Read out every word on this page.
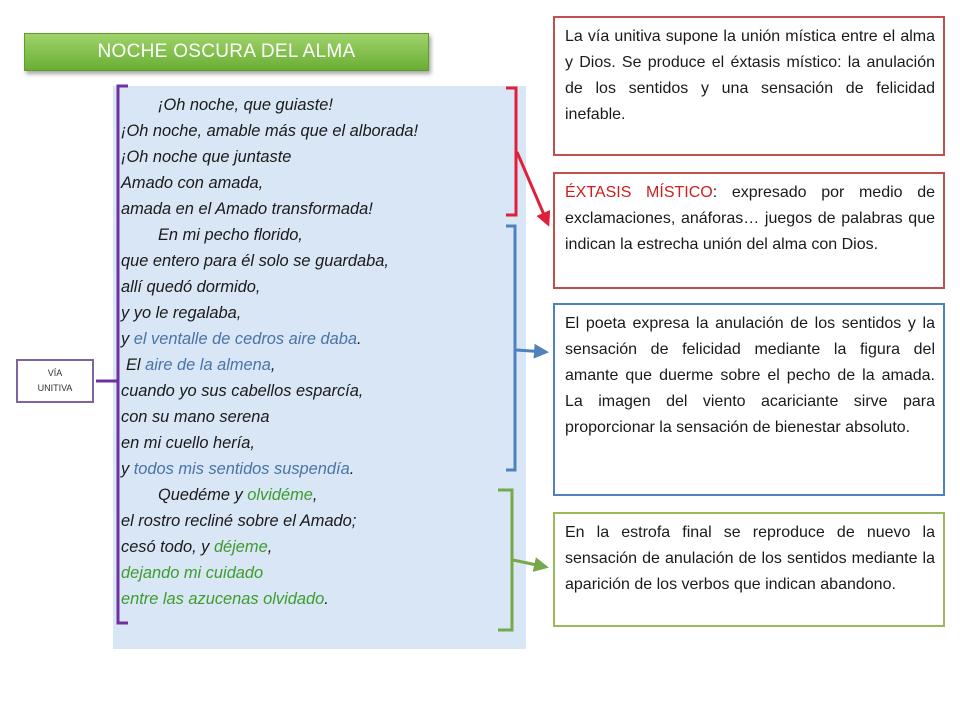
NOCHE OSCURA DEL ALMA
¡Oh noche, que guiaste!
¡Oh noche, amable más que el alborada!
¡Oh noche que juntaste
Amado con amada,
amada en el Amado transformada!
En mi pecho florido,
que entero para él solo se guardaba,
allí quedó dormido,
y yo le regalaba,
y el ventalle de cedros aire daba.
El aire de la almena,
cuando yo sus cabellos esparcía,
con su mano serena
en mi cuello hería,
y todos mis sentidos suspendía.
Quedéme y olvidéme,
el rostro recliné sobre el Amado;
cesó todo, y déjeme,
dejando mi cuidado
entre las azucenas olvidado.
VÍA
UNITIVA
La vía unitiva supone la unión mística entre el alma y Dios. Se produce el éxtasis místico: la anulación de los sentidos y una sensación de felicidad inefable.
ÉXTASIS MÍSTICO: expresado por medio de exclamaciones, anáforas… juegos de palabras que indican la estrecha unión del alma con Dios.
El poeta expresa la anulación de los sentidos y la sensación de felicidad mediante la figura del amante que duerme sobre el pecho de la amada. La imagen del viento acariciante sirve para proporcionar la sensación de bienestar absoluto.
En la estrofa final se reproduce de nuevo la sensación de anulación de los sentidos mediante la aparición de los verbos que indican abandono.
